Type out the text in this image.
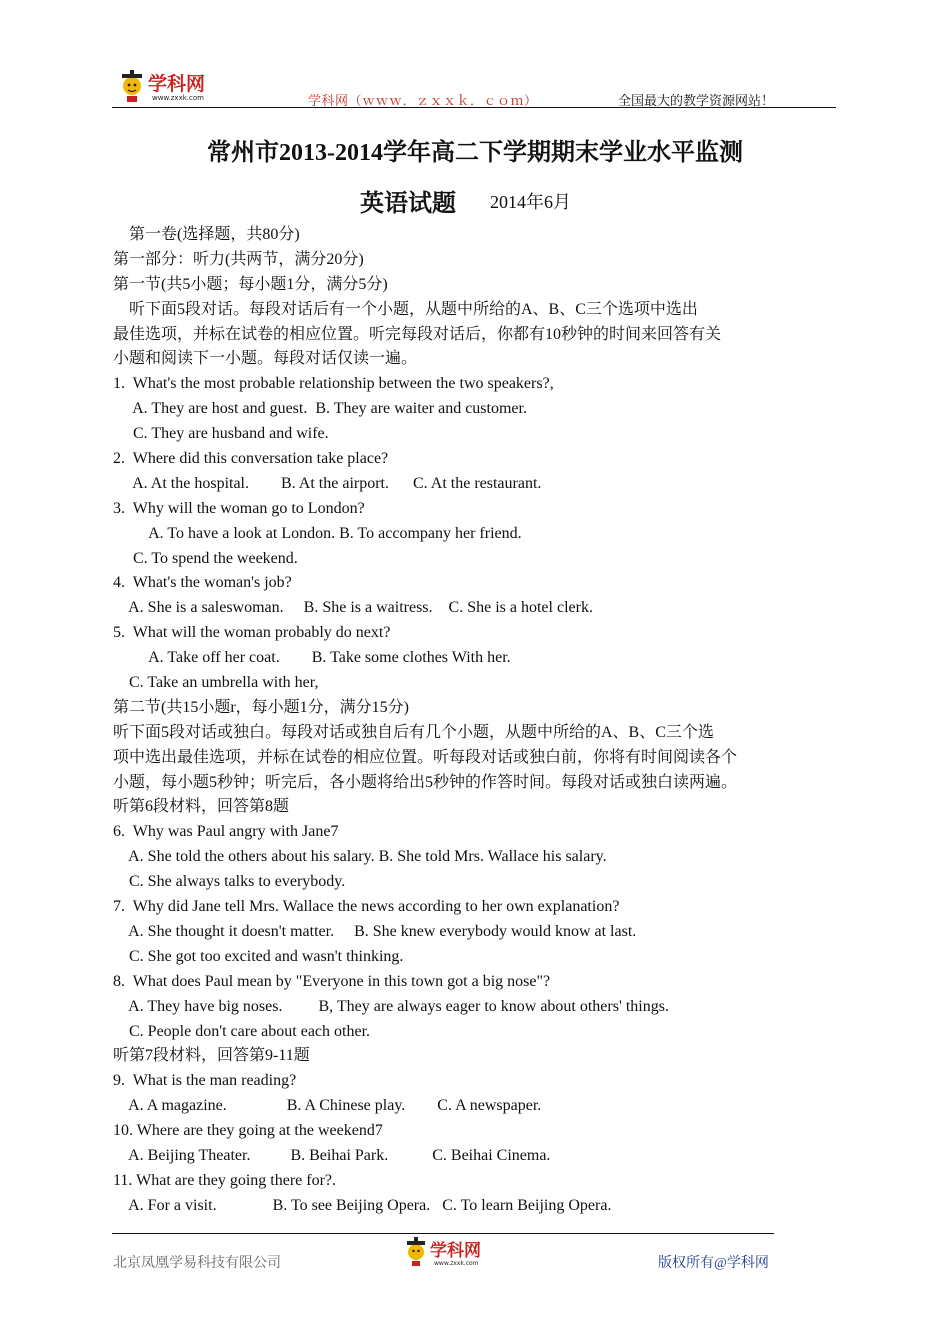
学科网
www.zxxk.com	学科网（ｗｗｗ．ｚｘｘｋ．ｃｏｍ）	全国最大的教学资源网站！
常州市2013-2014学年高二下学期期末学业水平监测
英语试题 2014年6月
第一卷(选择题，共80分)
第一部分：听力(共两节，满分20分)
第一节(共5小题；每小题1分，满分5分)
听下面5段对话。每段对话后有一个小题，从题中所给的A、B、C三个选项中选出
最佳选项，并标在试卷的相应位置。听完每段对话后，你都有10秒钟的时间来回答有关
小题和阅读下一小题。每段对话仅读一遍。
1.  What's the most probable relationship between the two speakers?,
A. They are host and guest.  B. They are waiter and customer.
C. They are husband and wife.
2.  Where did this conversation take place?
A. At the hospital.        B. At the airport.      C. At the restaurant.
3.  Why will the woman go to London?
A. To have a look at London. B. To accompany her friend.
C. To spend the weekend.
4.  What's the woman's job?
A. She is a saleswoman.     B. She is a waitress.    C. She is a hotel clerk.
5.  What will the woman probably do next?
A. Take off her coat.        B. Take some clothes With her.
C. Take an umbrella with her,
第二节(共15小题r，每小题1分，满分15分)
听下面5段对话或独白。每段对话或独自后有几个小题，从题中所给的A、B、C三个选
项中选出最佳选项，并标在试卷的相应位置。听每段对话或独白前，你将有时间阅读各个
小题，每小题5秒钟；听完后，各小题将给出5秒钟的作答时间。每段对话或独白读两遍。
听第6段材料，回答第8题
6.  Why was Paul angry with Jane7
A. She told the others about his salary. B. She told Mrs. Wallace his salary.
C. She always talks to everybody.
7.  Why did Jane tell Mrs. Wallace the news according to her own explanation?
A. She thought it doesn't matter.     B. She knew everybody would know at last.
C. She got too excited and wasn't thinking.
8.  What does Paul mean by "Everyone in this town got a big nose"?
A. They have big noses.         B, They are always eager to know about others' things.
C. People don't care about each other.
听第7段材料，回答第9-11题
9.  What is the man reading?
A. A magazine.               B. A Chinese play.        C. A newspaper.
10. Where are they going at the weekend7
A. Beijing Theater.          B. Beihai Park.           C. Beihai Cinema.
11. What are they going there for?.
A. For a visit.              B. To see Beijing Opera.   C. To learn Beijing Opera.
北京凤凰学易科技有限公司
学科网
www.zxxk.com	版权所有@学科网
